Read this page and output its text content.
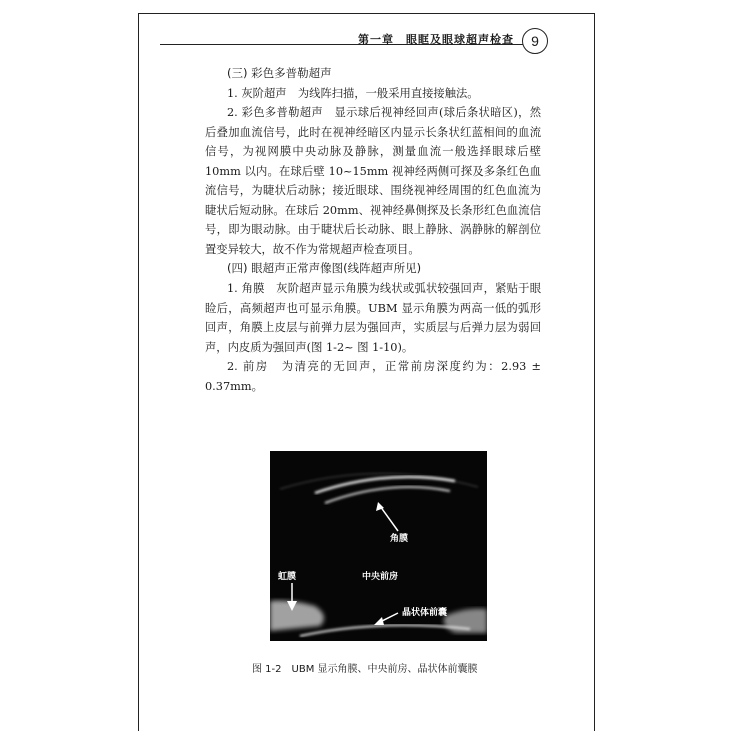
第一章　眼眶及眼球超声检查	9

(三) 彩色多普勒超声

1. 灰阶超声　为线阵扫描，一般采用直接接触法。

2. 彩色多普勒超声　显示球后视神经回声(球后条状暗区)，然后叠加血流信号，此时在视神经暗区内显示长条状红蓝相间的血流信号，为视网膜中央动脉及静脉，测量血流一般选择眼球后壁 10mm 以内。在球后壁 10~15mm 视神经两侧可探及多条红色血流信号，为睫状后动脉；接近眼球、围绕视神经周围的红色血流为睫状后短动脉。在球后 20mm、视神经鼻侧探及长条形红色血流信号，即为眼动脉。由于睫状后长动脉、眼上静脉、涡静脉的解剖位置变异较大，故不作为常规超声检查项目。

(四) 眼超声正常声像图(线阵超声所见)

1. 角膜　灰阶超声显示角膜为线状或弧状较强回声，紧贴于眼睑后，高频超声也可显示角膜。UBM 显示角膜为两高一低的弧形回声，角膜上皮层与前弹力层为强回声，实质层与后弹力层为弱回声，内皮质为强回声(图 1-2~ 图 1-10)。

2. 前房　为清亮的无回声，正常前房深度约为：2.93 ± 0.37mm。

角膜
虹膜	中央前房
晶状体前囊
图 1-2　UBM 显示角膜、中央前房、晶状体前囊膜
